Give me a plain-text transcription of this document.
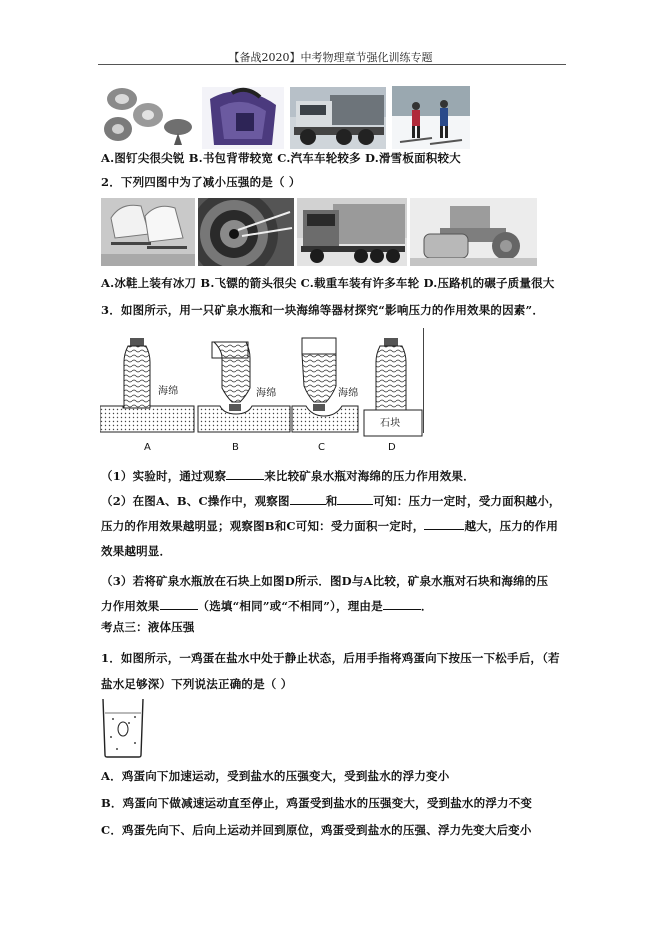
【备战2020】中考物理章节强化训练专题
A.图钉尖很尖锐 B.书包背带较宽 C.汽车车轮较多 D.滑雪板面积较大
2．下列四图中为了减小压强的是（ ）
A.冰鞋上装有冰刀 B.飞镖的箭头很尖 C.载重车装有许多车轮 D.压路机的碾子质量很大
3．如图所示，用一只矿泉水瓶和一块海绵等器材探究“影响压力的作用效果的因素”．
海绵	海绵	海绵
石块
A	B	C	D
（1）实验时，通过观察	来比较矿泉水瓶对海绵的压力作用效果．
（2）在图A、B、C操作中，观察图	和	可知：压力一定时，受力面积越小，
压力的作用效果越明显；观察图B和C可知：受力面积一定时，	越大，压力的作用
效果越明显．
（3）若将矿泉水瓶放在石块上如图D所示．图D与A比较，矿泉水瓶对石块和海绵的压
力作用效果	（选填“相同”或“不相同”），理由是	．
考点三：液体压强
1．如图所示，一鸡蛋在盐水中处于静止状态，后用手指将鸡蛋向下按压一下松手后，（若
盐水足够深）下列说法正确的是（ ）
A．鸡蛋向下加速运动，受到盐水的压强变大，受到盐水的浮力变小
B．鸡蛋向下做减速运动直至停止，鸡蛋受到盐水的压强变大，受到盐水的浮力不变
C．鸡蛋先向下、后向上运动并回到原位，鸡蛋受到盐水的压强、浮力先变大后变小
